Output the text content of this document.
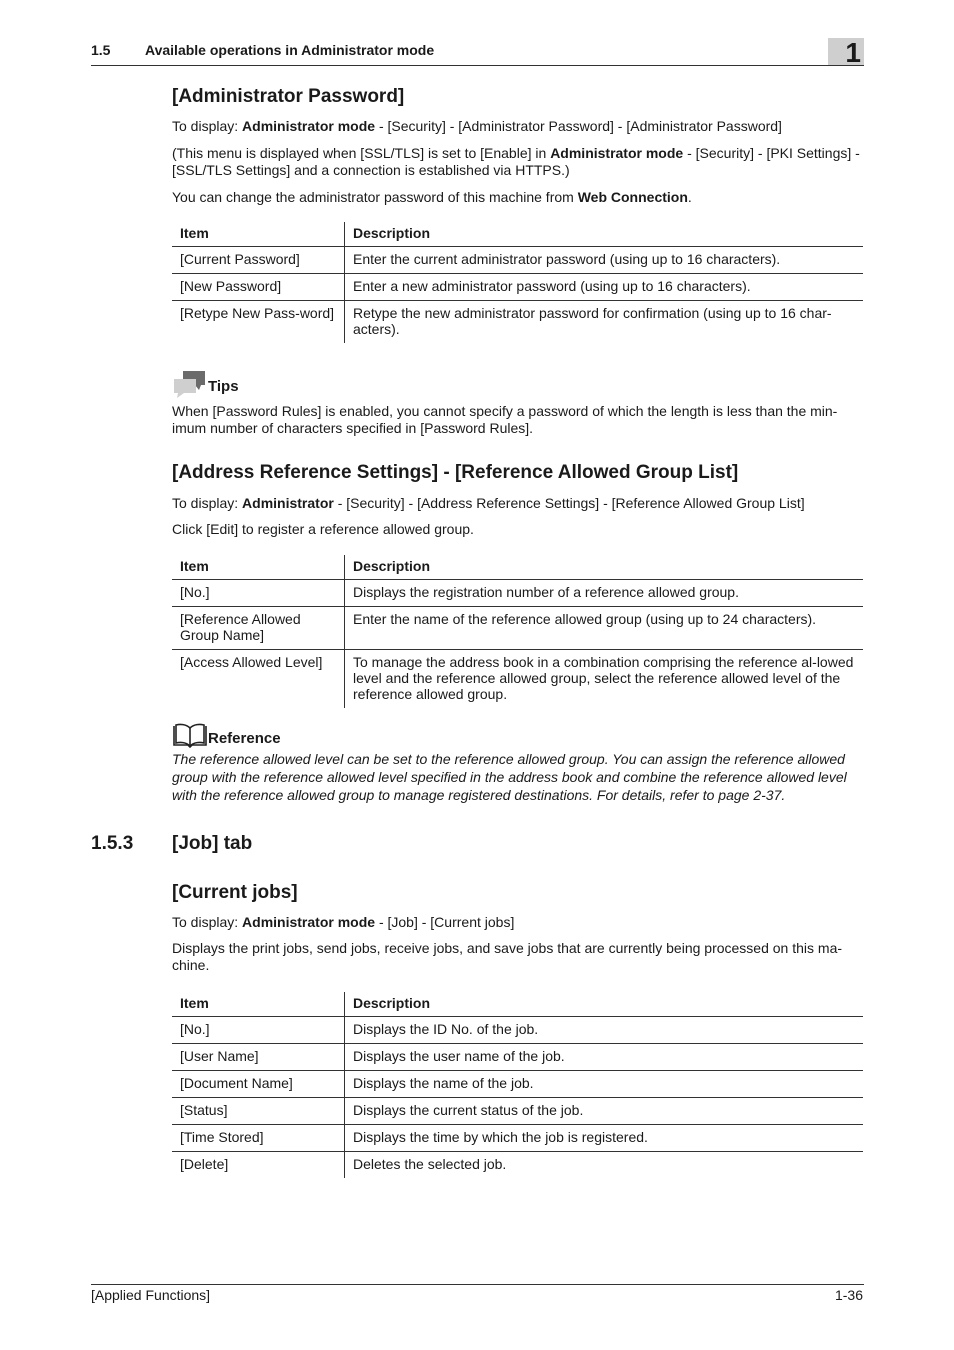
1.5 Available operations in Administrator mode	1
[Administrator Password]

To display: Administrator mode - [Security] - [Administrator Password] - [Administrator Password]

(This menu is displayed when [SSL/TLS] is set to [Enable] in Administrator mode - [Security] - [PKI Settings] - [SSL/TLS Settings] and a connection is established via HTTPS.)

You can change the administrator password of this machine from Web Connection.

Item	Description
[Current Password]	Enter the current administrator password (using up to 16 characters).
[New Password]	Enter a new administrator password (using up to 16 characters).
[Retype New Pass-word]	Retype the new administrator password for confirmation (using up to 16 char-acters).
Tips

When [Password Rules] is enabled, you cannot specify a password of which the length is less than the min-imum number of characters specified in [Password Rules].

[Address Reference Settings] - [Reference Allowed Group List]

To display: Administrator - [Security] - [Address Reference Settings] - [Reference Allowed Group List]

Click [Edit] to register a reference allowed group.

Item	Description
[No.]	Displays the registration number of a reference allowed group.
[Reference Allowed Group Name]	Enter the name of the reference allowed group (using up to 24 characters).
[Access Allowed Level]	To manage the address book in a combination comprising the reference al-lowed level and the reference allowed group, select the reference allowed level of the reference allowed group.
Reference

The reference allowed level can be set to the reference allowed group. You can assign the reference allowed group with the reference allowed level specified in the address book and combine the reference allowed level with the reference allowed group to manage registered destinations. For details, refer to page 2-37.

1.5.3 [Job] tab
[Current jobs]

To display: Administrator mode - [Job] - [Current jobs]

Displays the print jobs, send jobs, receive jobs, and save jobs that are currently being processed on this ma-chine.

Item	Description
[No.]	Displays the ID No. of the job.
[User Name]	Displays the user name of the job.
[Document Name]	Displays the name of the job.
[Status]	Displays the current status of the job.
[Time Stored]	Displays the time by which the job is registered.
[Delete]	Deletes the selected job.
[Applied Functions]	1-36
